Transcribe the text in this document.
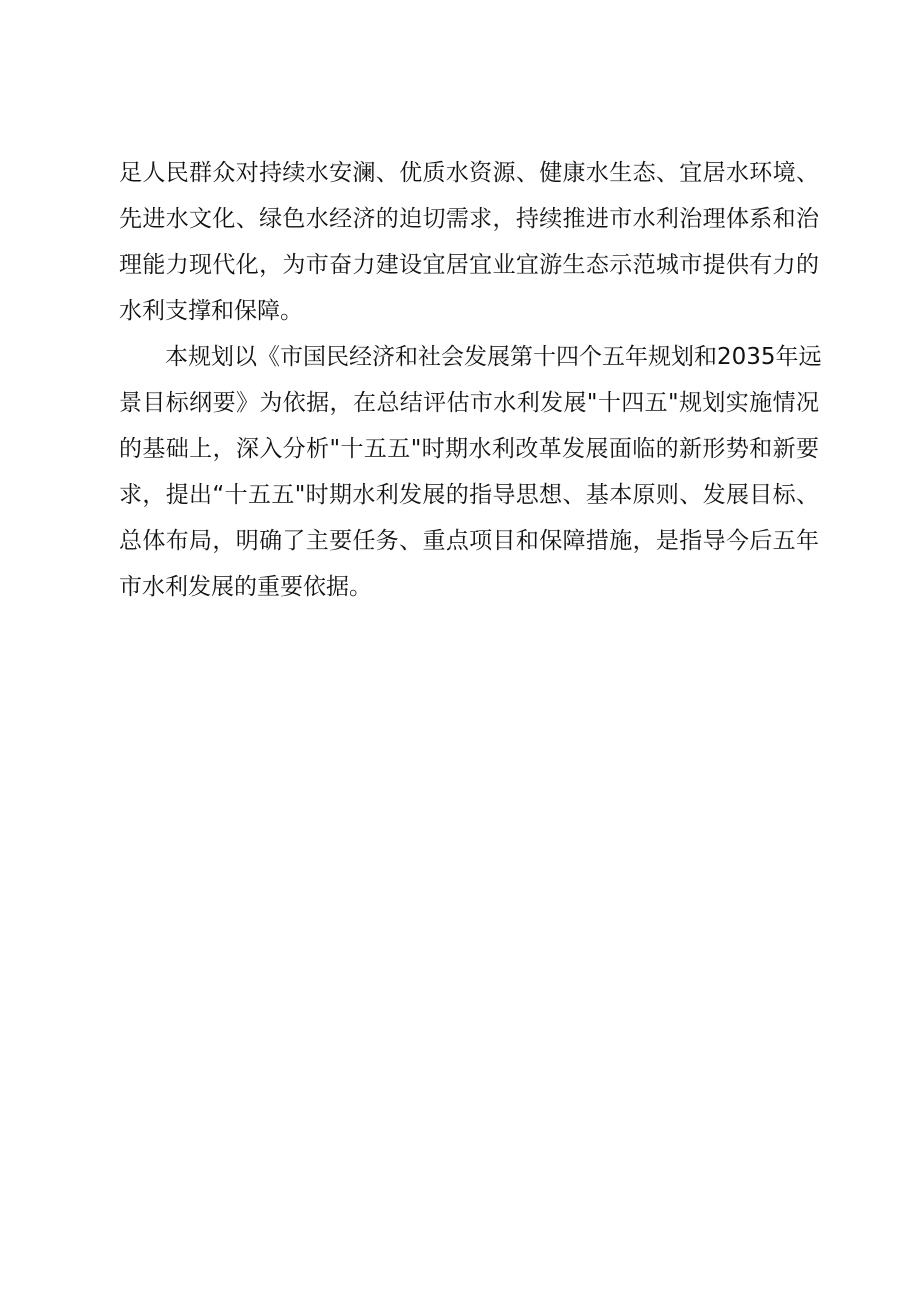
足人民群众对持续水安澜、优质水资源、健康水生态、宜居水环境、
先进水文化、绿色水经济的迫切需求，持续推进市水利治理体系和治
理能力现代化，为市奋力建设宜居宜业宜游生态示范城市提供有力的
水利支撑和保障。
本规划以《市国民经济和社会发展第十四个五年规划和2035年远
景目标纲要》为依据，在总结评估市水利发展"十四五"规划实施情况
的基础上，深入分析"十五五"时期水利改革发展面临的新形势和新要
求，提出“十五五"时期水利发展的指导思想、基本原则、发展目标、
总体布局，明确了主要任务、重点项目和保障措施，是指导今后五年
市水利发展的重要依据。
